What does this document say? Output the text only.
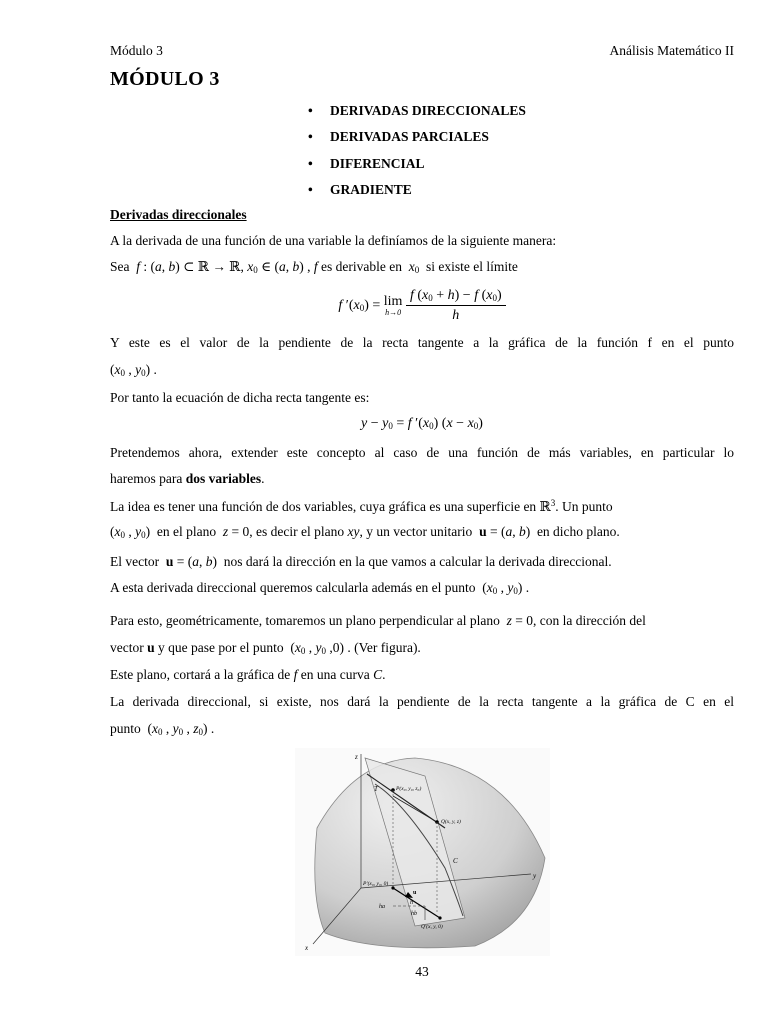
Módulo 3	Análisis Matemático II
MÓDULO 3
• DERIVADAS DIRECCIONALES
• DERIVADAS PARCIALES
• DIFERENCIAL
• GRADIENTE
Derivadas direccionales
A la derivada de una función de una variable la definíamos de la siguiente manera:
Sea f : (a, b) ⊂ ℝ → ℝ, $x_0$ ∈ (a, b) , f es derivable en $x_0$ si existe el límite
f $'(x_0) = \lim$
h→0
$\frac{f (x_0 + h) - f (x_0)}{h}$
Y este es el valor de la pendiente de la recta tangente a la gráfica de la función f en el punto
($x_0$ , $y_0$) .
Por tanto la ecuación de dicha recta tangente es:
$y - y_0 = f$ $'(x_0) (x - x_0)$
Pretendemos ahora, extender este concepto al caso de una función de más variables, en particular lo
haremos para dos variables.
La idea es tener una función de dos variables, cuya gráfica es una superficie en ℝ$^3$. Un punto
($x_0$ , $y_0$)  en el plano z = 0, es decir el plano xy, y un vector unitario u = (a, b)  en dicho plano.
El vector u = (a, b)  nos dará la dirección en la que vamos a calcular la derivada direccional.
A esta derivada direccional queremos calcularla además en el punto  ($x_0$ , $y_0$) .
Para esto, geométricamente, tomaremos un plano perpendicular al plano z = 0, con la dirección del
vector u y que pase por el punto  ($x_0$ , $y_0$ ,0) . (Ver figura).
Este plano, cortará a la gráfica de f en una curva C.
La derivada direccional, si existe, nos dará la pendiente de la recta tangente a la gráfica de C en el
punto  ($x_0$ , $y_0$ , $z_0$) .
z
y
x
T	P(x₀, y₀, z₀)
Q(x, y, z)
C
P′(x₀, y₀, 0)
u
ha
h
hb
Q′(x, y, 0)
43
